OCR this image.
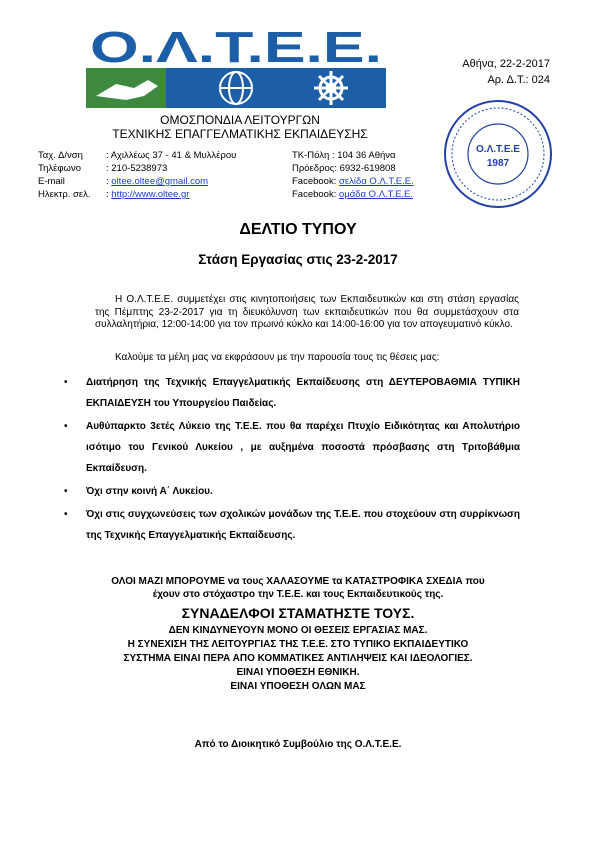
Ο.Λ.Τ.Ε.Ε.
ΟΜΟΣΠΟΝΔΙΑ ΛΕΙΤΟΥΡΓΩΝ
ΤΕΧΝΙΚΗΣ ΕΠΑΓΓΕΛΜΑΤΙΚΗΣ ΕΚΠΑΙΔΕΥΣΗΣ
Αθήνα, 22-2-2017
Αρ. Δ.Τ.: 024
Ο.Λ.Τ.Ε.Ε
1987
Ταχ. Δ/νση : Αχιλλέως 37 - 41 & Μυλλέρου	ΤΚ-Πόλη : 104 36 Αθήνα
Τηλέφωνο	: 210-5238973	Πρόεδρος: 6932-619808
E-mail	: oltee.oltee@gmail.com	Facebook: σελίδα Ο.Λ.Τ.Ε.Ε.
Ηλεκτρ. σελ. : http://www.oltee.gr	Facebook: ομάδα Ο.Λ.Τ.Ε.Ε.
ΔΕΛΤΙΟ ΤΥΠΟΥ
Στάση Εργασίας στις 23-2-2017
Η Ο.Λ.Τ.Ε.Ε. συμμετέχει στις κινητοποιήσεις των Εκπαιδευτικών και στη στάση εργασίας της Πέμπτης 23-2-2017 για τη διευκόλυνση των εκπαιδευτικών που θα συμμετάσχουν στα συλλαλητήρια, 12:00-14:00 για τον πρωινό κύκλο και 14:00-16:00 για τον απογευματινό κύκλο.
Καλούμε τα μέλη μας να εκφράσουν με την παρουσία τους τις θέσεις μας:
• Διατήρηση της Τεχνικής Επαγγελματικής Εκπαίδευσης στη ΔΕΥΤΕΡΟΒΑΘΜΙΑ ΤΥΠΙΚΗ ΕΚΠΑΙΔΕΥΣΗ του Υπουργείου Παιδείας.
• Αυθύπαρκτο 3ετές Λύκειο της Τ.Ε.Ε. που θα παρέχει Πτυχίο Ειδικότητας και Απολυτήριο ισότιμο του Γενικού Λυκείου , με αυξημένα ποσοστά πρόσβασης στη Τριτοβάθμια Εκπαίδευση.
• Όχι στην κοινή Α΄ Λυκείου.
• Όχι στις συγχωνεύσεις των σχολικών μονάδων της Τ.Ε.Ε. που στοχεύουν στη συρρίκνωση της Τεχνικής Επαγγελματικής Εκπαίδευσης.
ΟΛΟΙ ΜΑΖΙ ΜΠΟΡΟΥΜΕ να τους ΧΑΛΑΣΟΥΜΕ τα ΚΑΤΑΣΤΡΟΦΙΚΑ ΣΧΕΔΙΑ που
έχουν στο στόχαστρο την Τ.Ε.Ε. και τους Εκπαιδευτικούς της.
ΣΥΝΑΔΕΛΦΟΙ ΣΤΑΜΑΤΗΣΤΕ ΤΟΥΣ.
ΔΕΝ ΚΙΝΔΥΝΕΥΟΥΝ ΜΟΝΟ ΟΙ ΘΕΣΕΙΣ ΕΡΓΑΣΙΑΣ ΜΑΣ.
Η ΣΥΝΕΧΙΣΗ ΤΗΣ ΛΕΙΤΟΥΡΓΙΑΣ ΤΗΣ Τ.Ε.Ε. ΣΤΟ ΤΥΠΙΚΟ ΕΚΠΑΙΔΕΥΤΙΚΟ
ΣΥΣΤΗΜΑ ΕΙΝΑΙ ΠΕΡΑ ΑΠΟ ΚΟΜΜΑΤΙΚΕΣ ΑΝΤΙΛΗΨΕΙΣ ΚΑΙ ΙΔΕΟΛΟΓΙΕΣ.
ΕΙΝΑΙ ΥΠΟΘΕΣΗ ΕΘΝΙΚΗ.
ΕΙΝΑΙ ΥΠΟΘΕΣΗ ΟΛΩΝ ΜΑΣ
Από το Διοικητικό Συμβούλιο της Ο.Λ.Τ.Ε.Ε.
